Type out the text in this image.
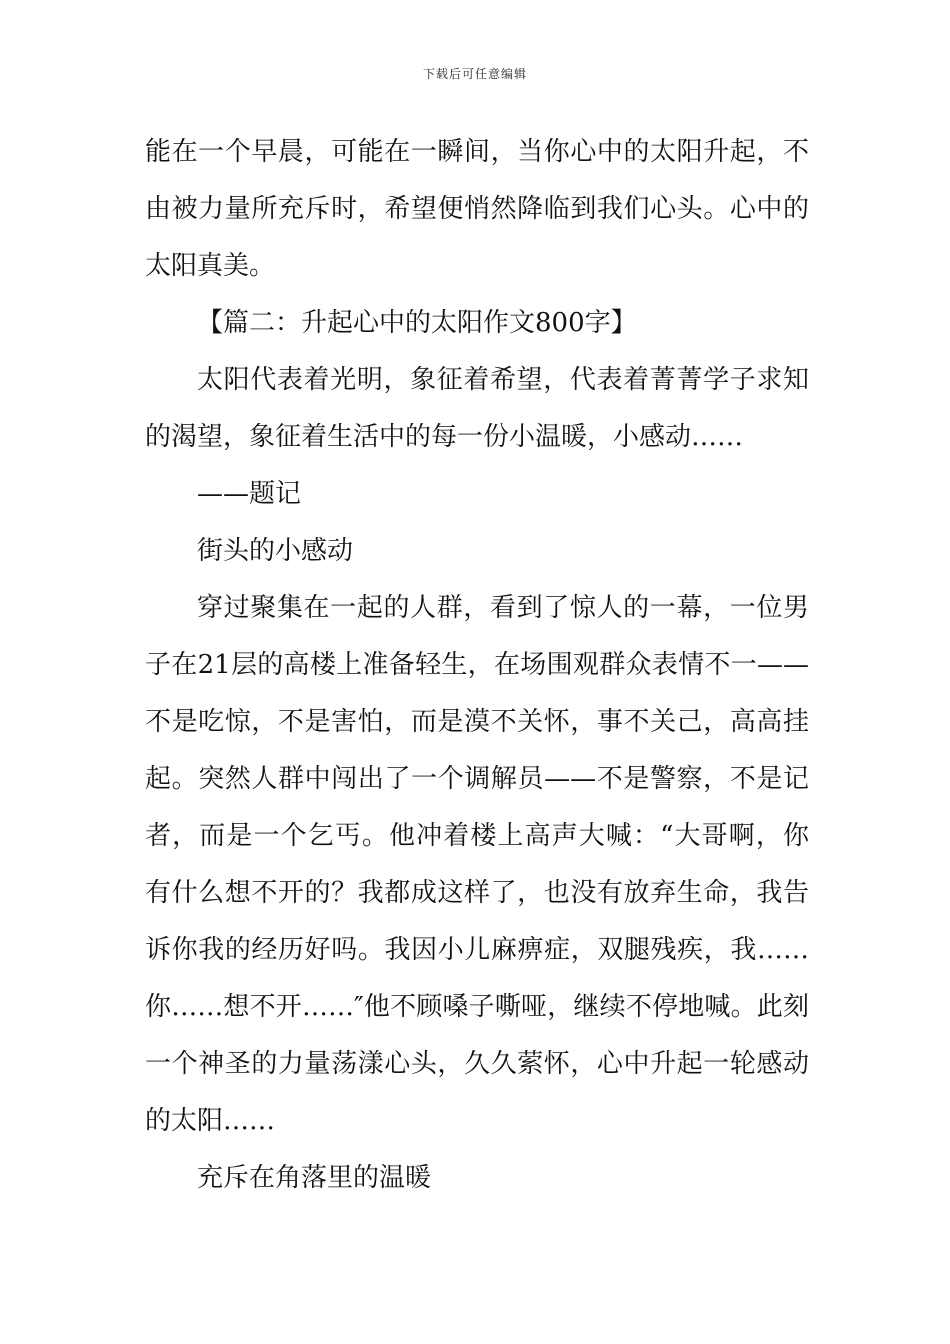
下载后可任意编辑
能在一个早晨，可能在一瞬间，当你心中的太阳升起，不
由被力量所充斥时，希望便悄然降临到我们心头。心中的
太阳真美。
【篇二：升起心中的太阳作文800字】
太阳代表着光明，象征着希望，代表着菁菁学子求知
的渴望，象征着生活中的每一份小温暖，小感动……
——题记
街头的小感动
穿过聚集在一起的人群，看到了惊人的一幕，一位男
子在21层的高楼上准备轻生，在场围观群众表情不一——
不是吃惊，不是害怕，而是漠不关怀，事不关己，高高挂
起。突然人群中闯出了一个调解员——不是警察，不是记
者，而是一个乞丐。他冲着楼上高声大喊：“大哥啊，你
有什么想不开的？我都成这样了，也没有放弃生命，我告
诉你我的经历好吗。我因小儿麻痹症，双腿残疾，我……
你……想不开……″他不顾嗓子嘶哑，继续不停地喊。此刻
一个神圣的力量荡漾心头，久久萦怀，心中升起一轮感动
的太阳……
充斥在角落里的温暖
